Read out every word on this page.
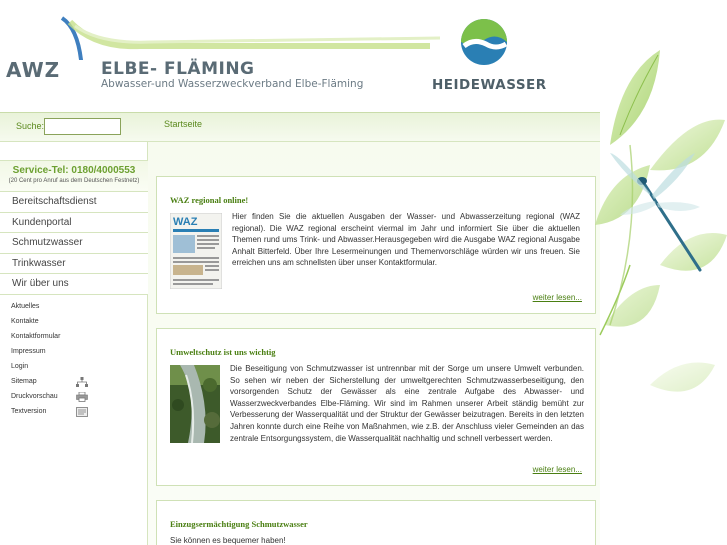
AWZ ELBE- FLÄMING
Abwasser-und Wasserzweckverband Elbe-Fläming	HEIDEWASSER
Suche:	Startseite
Service-Tel: 0180/4000553
(20 Cent pro Anruf aus dem Deutschen Festnetz)
Bereitschaftsdienst
Kundenportal
Schmutzwasser
Trinkwasser
Wir über uns
Aktuelles
Kontakte
Kontaktformular
Impressum
Login
Sitemap
Druckvorschau
Textversion
WAZ regional online!
WAZ	Hier finden Sie die aktuellen Ausgaben der Wasser- und Abwasserzeitung regional (WAZ regional). Die WAZ regional erscheint viermal im Jahr und informiert Sie über die aktuellen Themen rund ums Trink- und Abwasser.Herausgegeben wird die Ausgabe WAZ regional Ausgabe Anhalt Bitterfeld. Über Ihre Lesermeinungen und Themenvorschläge würden wir uns freuen. Sie erreichen uns am schnellsten über unser Kontaktformular.
weiter lesen...
Umweltschutz ist uns wichtig
Die Beseitigung von Schmutzwasser ist untrennbar mit der Sorge um unsere Umwelt verbunden. So sehen wir neben der Sicherstellung der umweltgerechten Schmutzwasserbeseitigung, den vorsorgenden Schutz der Gewässer als eine zentrale Aufgabe des Abwasser- und Wasserzweckverbandes Elbe-Fläming. Wir sind im Rahmen unserer Arbeit ständig bemüht zur Verbesserung der Wasserqualität und der Struktur der Gewässer beizutragen. Bereits in den letzten Jahren konnte durch eine Reihe von Maßnahmen, wie z.B. der Anschluss vieler Gemeinden an das zentrale Entsorgungssystem, die Wasserqualität nachhaltig und schnell verbessert werden.
weiter lesen...
Einzugsermächtigung Schmutzwasser
Sie können es bequemer haben!
